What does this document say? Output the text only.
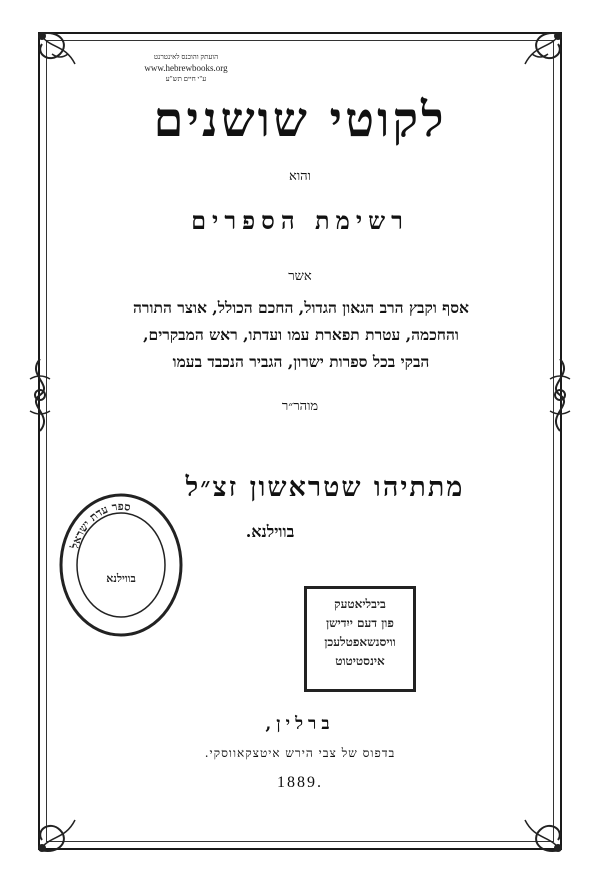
הועתק והוכנס לאינטרנט
www.hebrewbooks.org
ע"י חיים תש"ע
לקוטי שושנים
והוא
רשימת הספרים
אשר
אסף וקבץ הרב הגאון הגדול, החכם הכולל, אוצר התורה
והחכמה, עטרת תפארת עמו ועדתו, ראש המבקרים,
הבקי בכל ספרות ישרון, הגביר הנכבד בעמו
מוהר״ר
מתתיהו שטראשון זצ״ל
בווילנא.
ברלין,
בדפוס של צבי הירש איטצקאווסקי.
1889.
ספר עדת ישראל
בווילנא
ביבליאטעק
פון דעם ייִדישן
וויסנשאפטלעכן
אינסטיטוט
